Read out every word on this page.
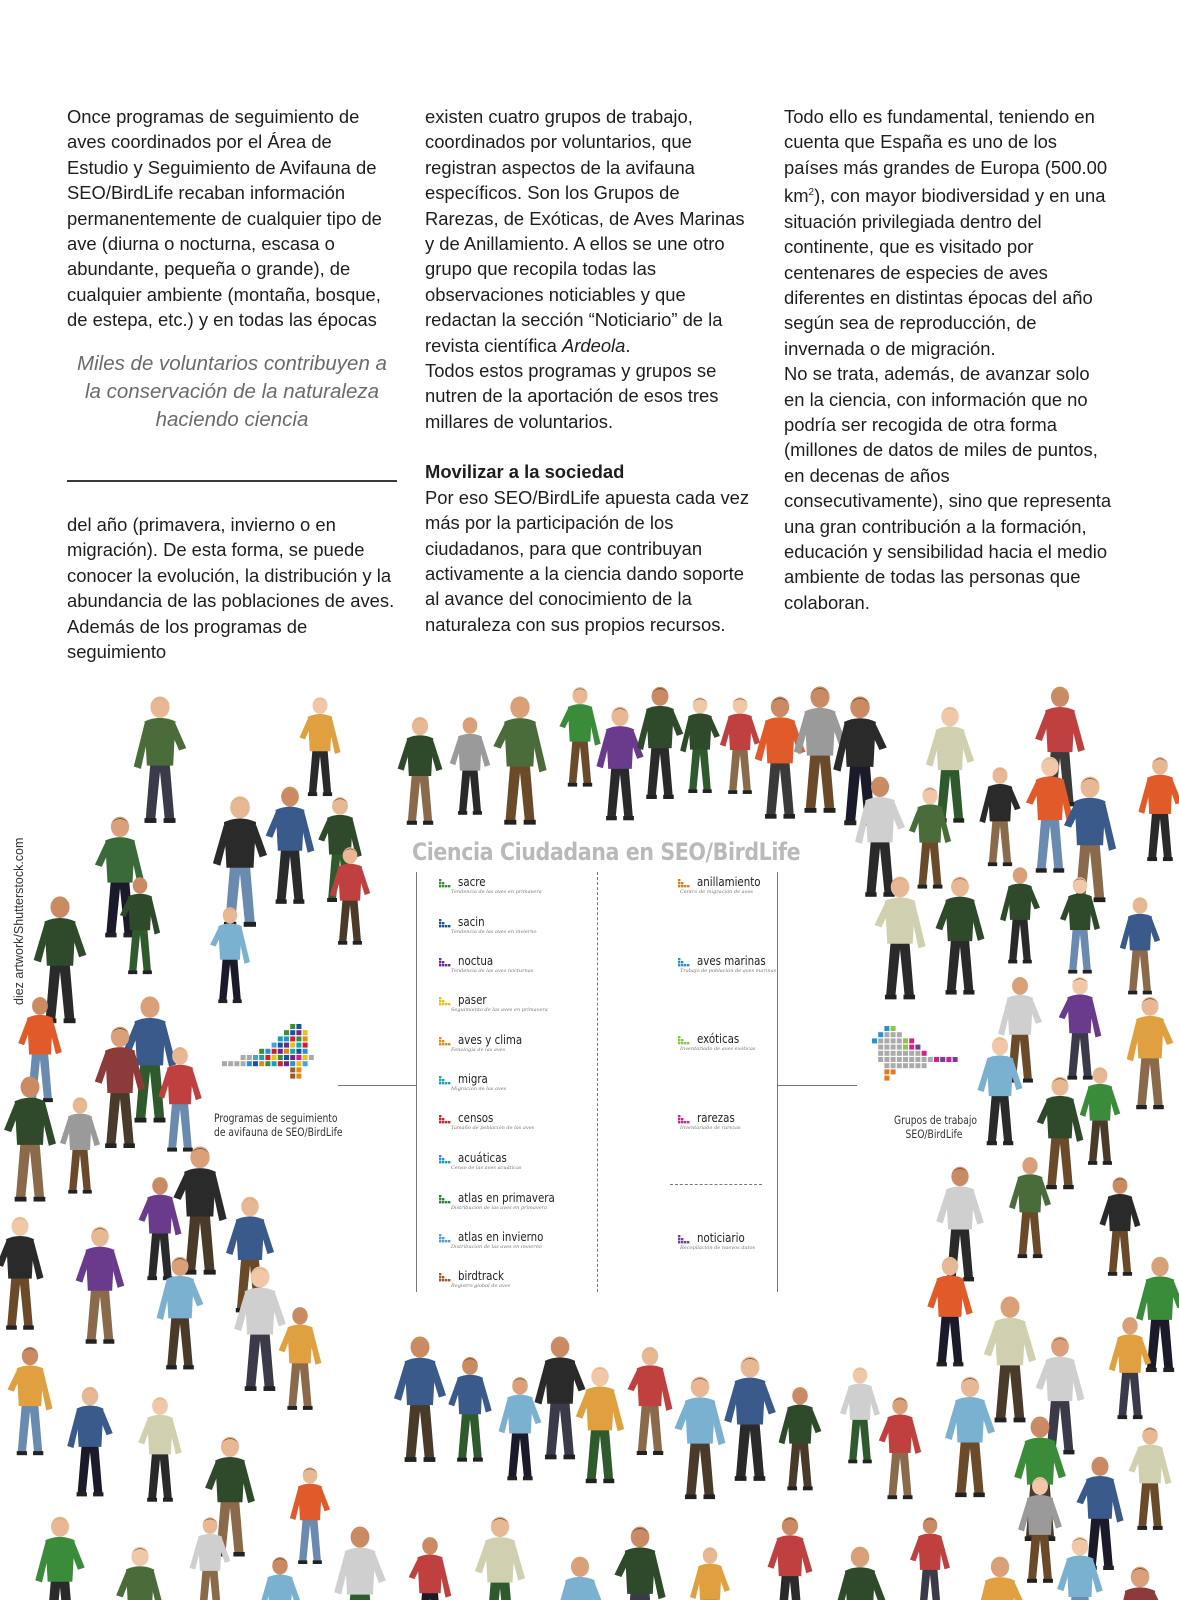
Once programas de seguimiento de aves coordinados por el Área de Estudio y Seguimiento de Avifauna de SEO/BirdLife recaban información permanentemente de cualquier tipo de ave (diurna o nocturna, escasa o abundante, pequeña o grande), de cualquier ambiente (montaña, bosque, de estepa, etc.) y en todas las épocas

Miles de voluntarios contribuyen a la conservación de la naturaleza haciendo ciencia

del año (primavera, invierno o en migración). De esta forma, se puede conocer la evolución, la distribución y la abundancia de las poblaciones de aves.

Además de los programas de seguimiento

existen cuatro grupos de trabajo, coordinados por voluntarios, que registran aspectos de la avifauna específicos. Son los Grupos de Rarezas, de Exóticas, de Aves Marinas y de Anillamiento. A ellos se une otro grupo que recopila todas las observaciones noticiables y que redactan la sección “Noticiario” de la revista científica Ardeola.

Todos estos programas y grupos se nutren de la aportación de esos tres millares de voluntarios.

Movilizar a la sociedad

Por eso SEO/BirdLife apuesta cada vez más por la participación de los ciudadanos, para que contribuyan activamente a la ciencia dando soporte al avance del conocimiento de la naturaleza con sus propios recursos.

Todo ello es fundamental, teniendo en cuenta que España es uno de los países más grandes de Europa (500.00 $km^2$), con mayor biodiversidad y en una situación privilegiada dentro del continente, que es visitado por centenares de especies de aves diferentes en distintas épocas del año según sea de reproducción, de invernada o de migración.

No se trata, además, de avanzar solo en la ciencia, con información que no podría ser recogida de otra forma (millones de datos de miles de puntos, en decenas de años consecutivamente), sino que representa una gran contribución a la formación, educación y sensibilidad hacia el medio ambiente de todas las personas que colaboran.

diez artwork/Shutterstock.com	Ciencia Ciudadana en SEO/BirdLife
sacre
Tendencia de las aves en primavera
sacin
Tendencia de las aves en invierno
noctua
Tendencia de las aves nocturnas
paser
Seguimiento de las aves en primavera
aves y clima
Fenología de las aves
migra
Migración de las aves
censos
Tamaño de población de las aves
acuáticas
Censo de las aves acuáticas
atlas en primavera
Distribución de las aves en primavera
atlas en invierno
Distribución de las aves en invierno
birdtrack
Registro global de aves
anillamiento
Centro de migración de aves
aves marinas
Trabajo de población de aves marinas
exóticas
Inventariado de aves exóticas
rarezas
Inventariado de rarezas
noticiario
Recopilación de nuevos datos
Programas de seguimiento
de avifauna de SEO/BirdLife
Grupos de trabajo
SEO/BirdLife
